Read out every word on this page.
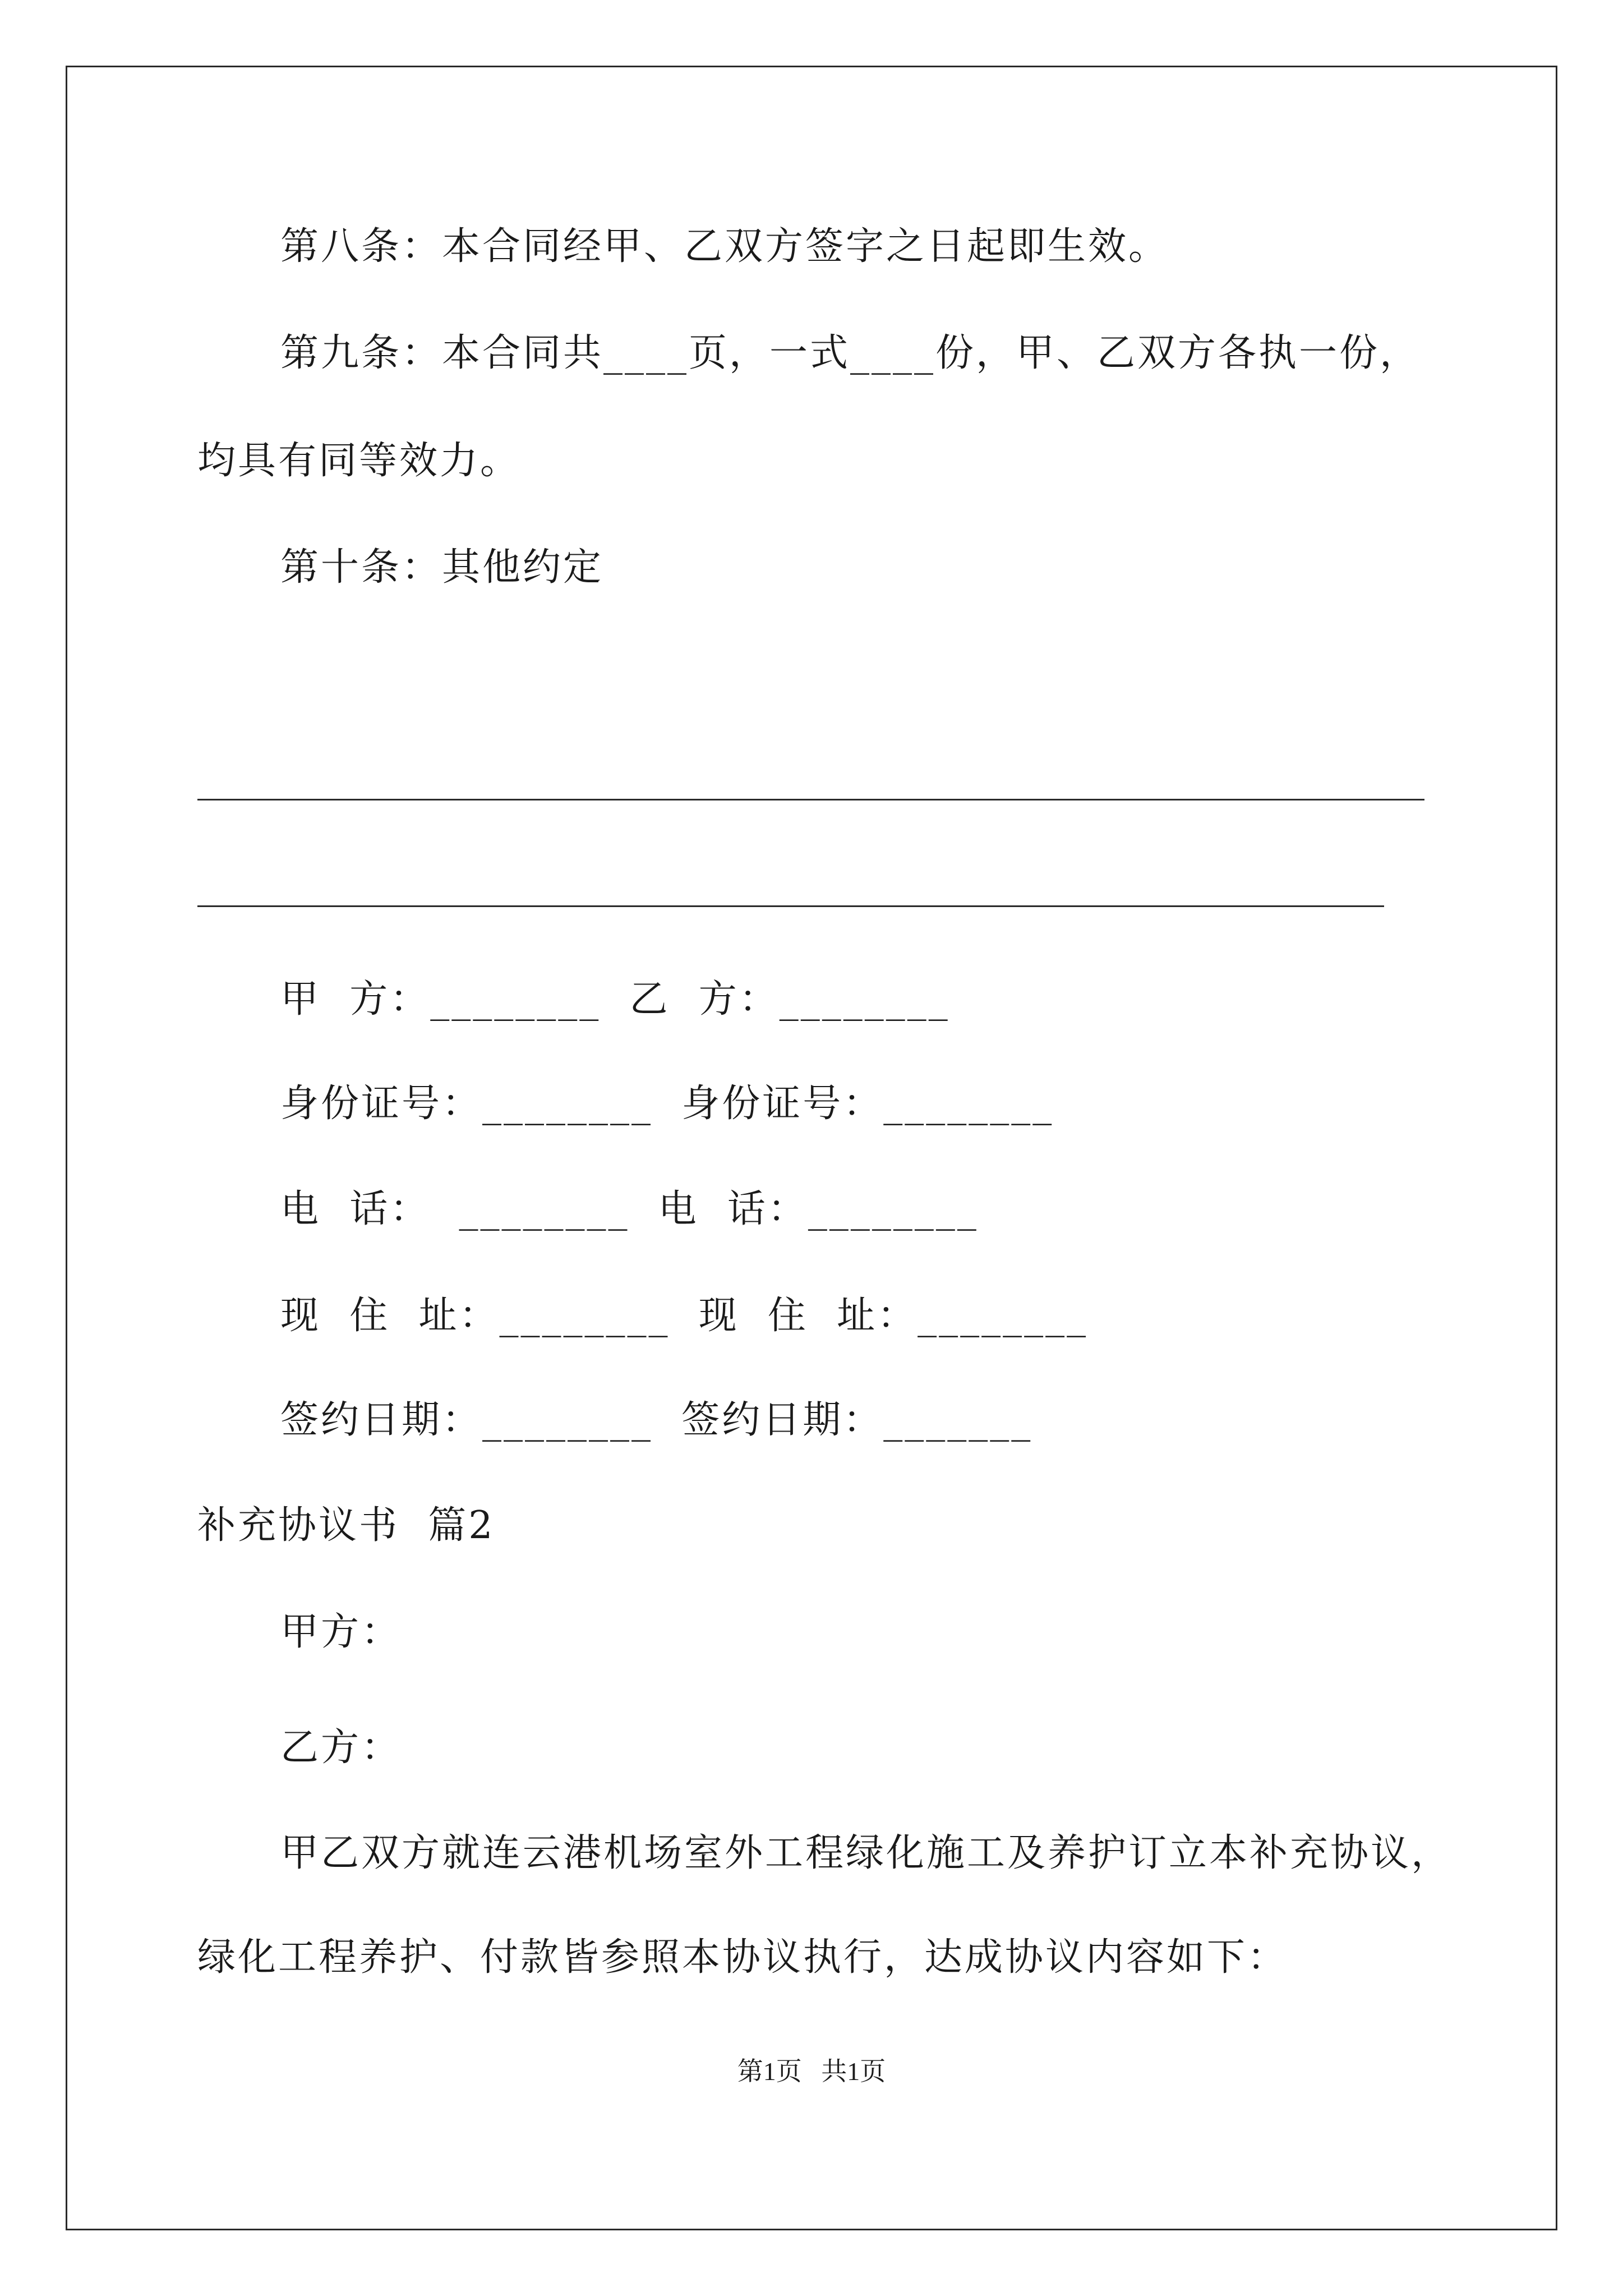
第八条：本合同经甲、乙双方签字之日起即生效。

第九条：本合同共____页，一式____份，甲、乙双方各执一份，

均具有同等效力。

第十条：其他约定

甲  方：________  乙  方：________

身份证号：________  身份证号：________

电  话：  ________  电  话：________

现  住  址：________  现  住  址：________

签约日期：________  签约日期：_______

补充协议书  篇2

甲方：

乙方：

甲乙双方就连云港机场室外工程绿化施工及养护订立本补充协议，

绿化工程养护、付款皆参照本协议执行，达成协议内容如下：

第1页   共1页
